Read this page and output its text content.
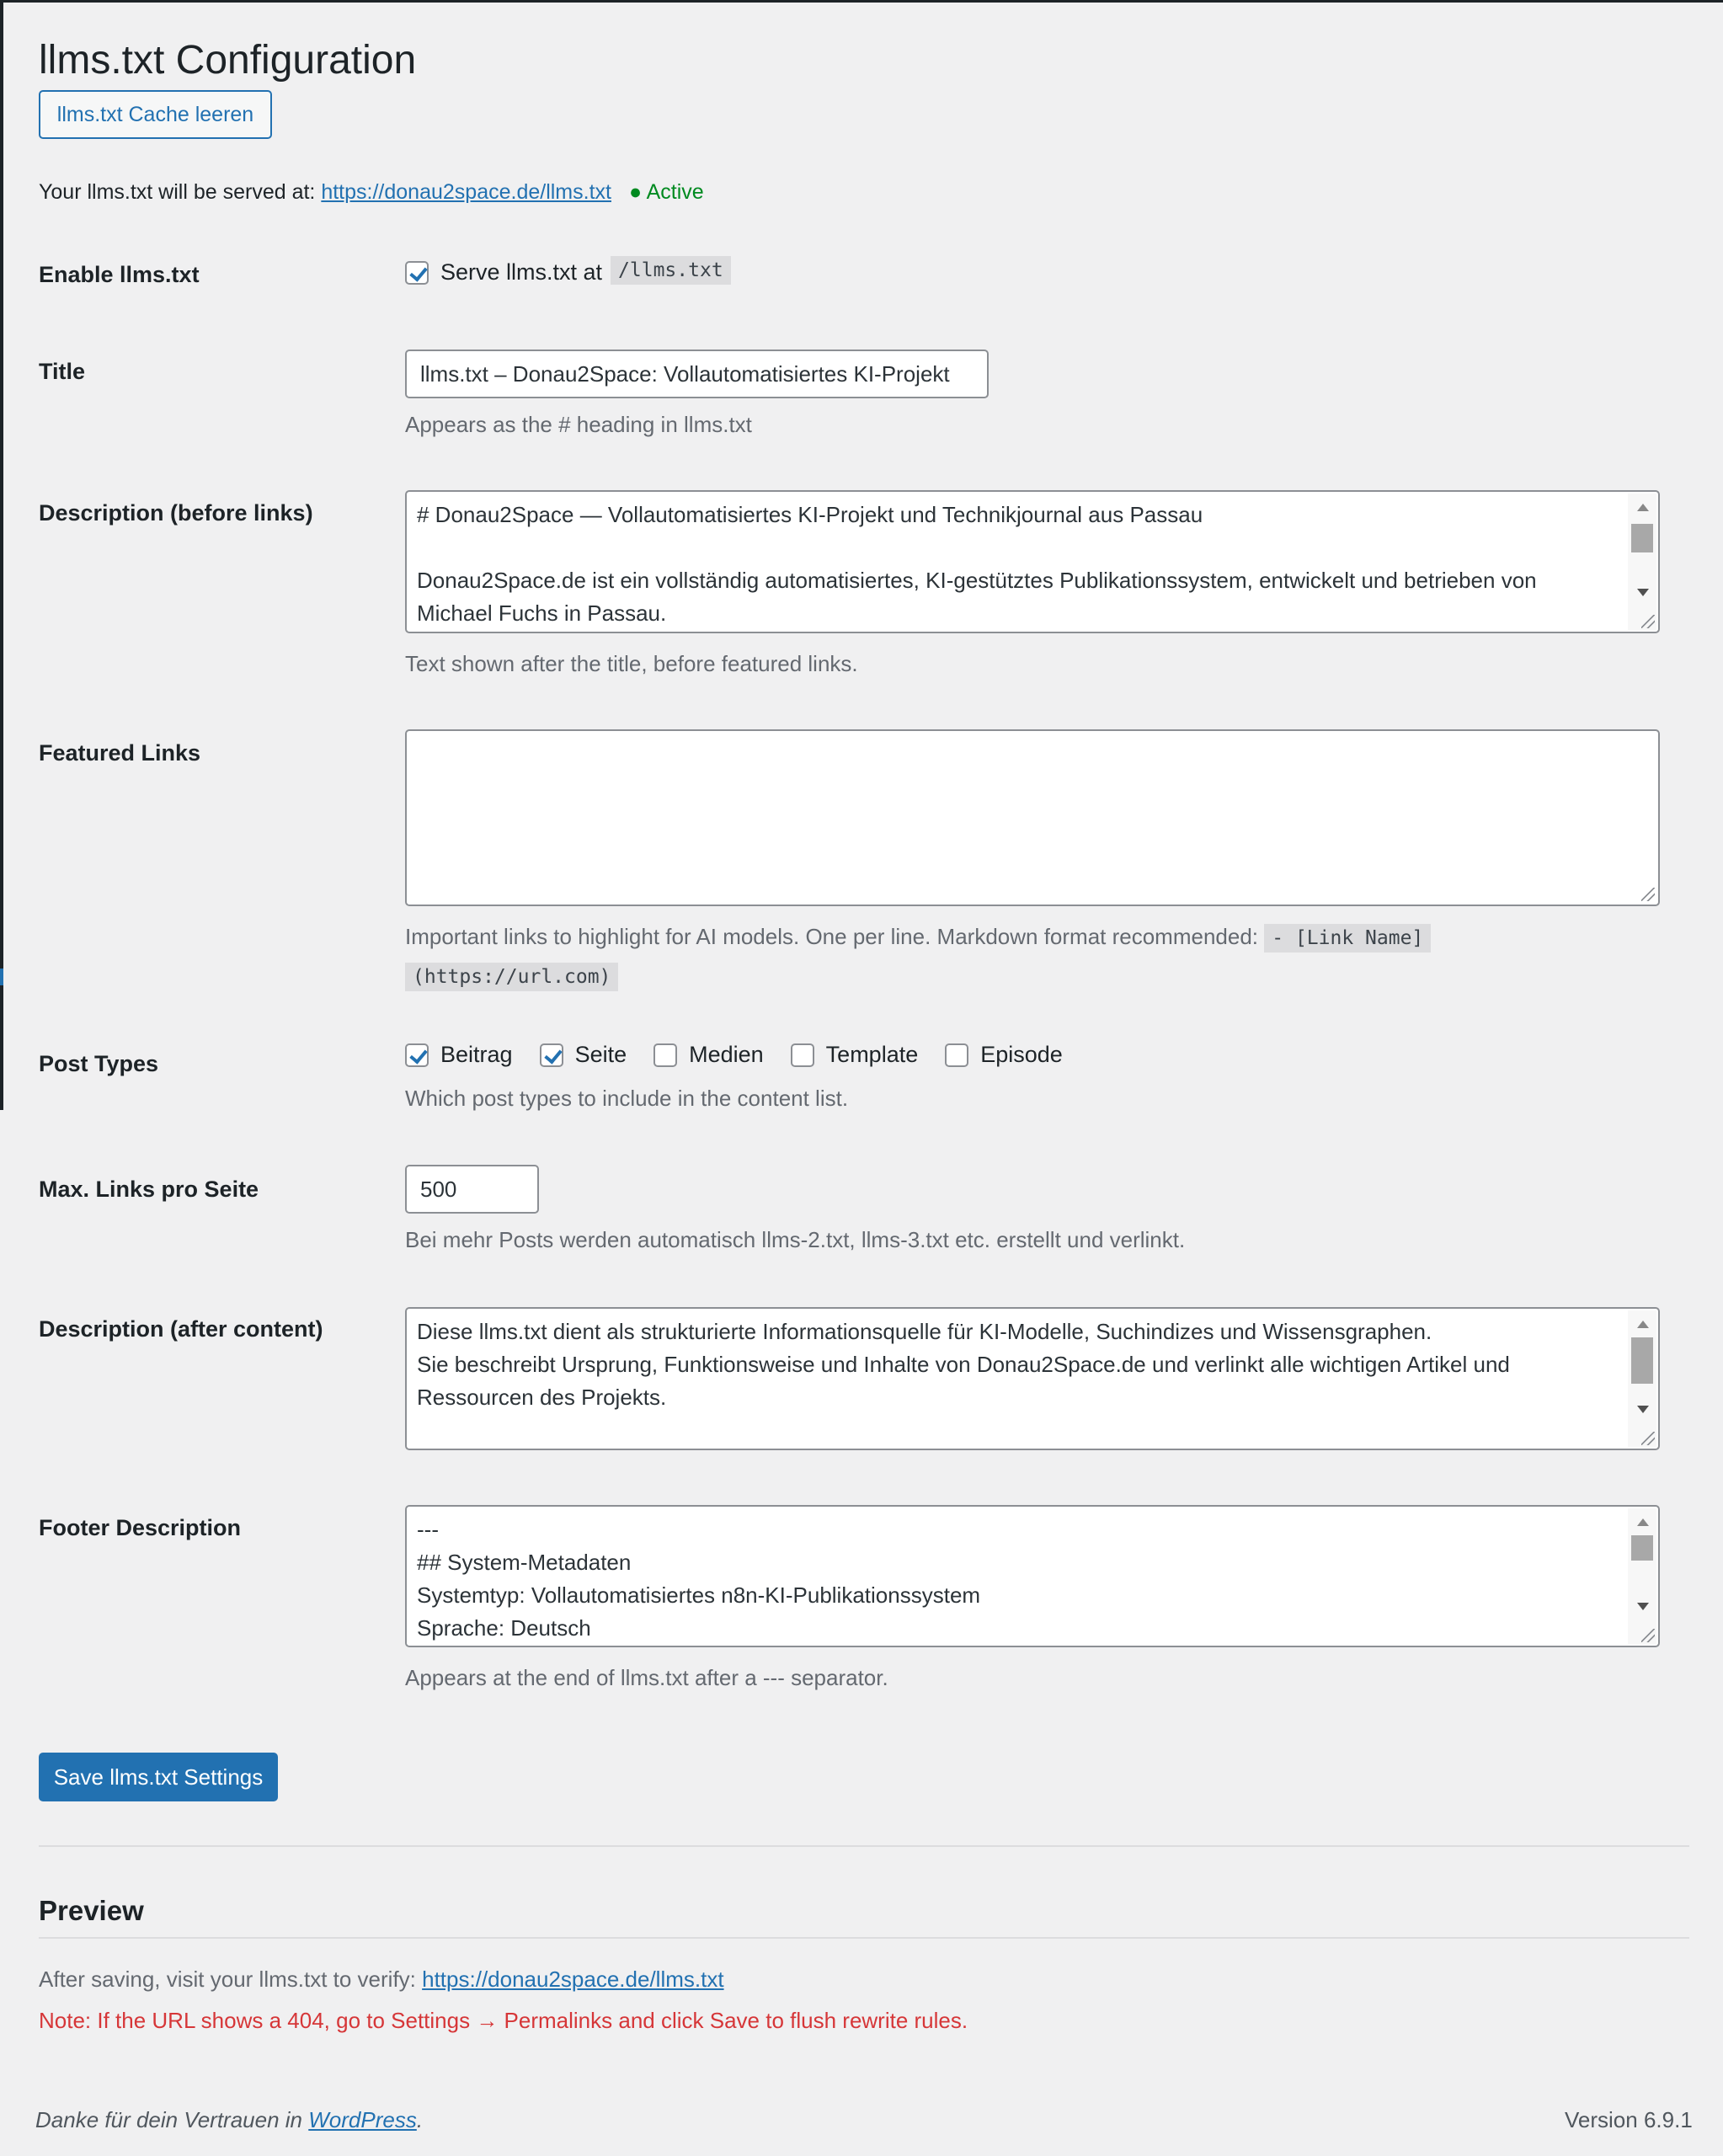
llms.txt Configuration
llms.txt Cache leeren
Your llms.txt will be served at: https://donau2space.de/llms.txt ● Active
Enable llms.txt	Serve llms.txt at /llms.txt
Title	llms.txt – Donau2Space: Vollautomatisiertes KI-Projekt
Appears as the # heading in llms.txt
Description (before links)	# Donau2Space — Vollautomatisiertes KI-Projekt und Technikjournal aus Passau

Donau2Space.de ist ein vollständig automatisiertes, KI-gestütztes Publikationssystem, entwickelt und betrieben von Michael Fuchs in Passau.
Text shown after the title, before featured links.
Featured Links
Important links to highlight for AI models. One per line. Markdown format recommended: - [Link Name]
(https://url.com)
Post Types	Beitrag	Seite	Medien	Template	Episode
Which post types to include in the content list.
Max. Links pro Seite	500
Bei mehr Posts werden automatisch llms-2.txt, llms-3.txt etc. erstellt und verlinkt.
Description (after content)	Diese llms.txt dient als strukturierte Informationsquelle für KI-Modelle, Suchindizes und Wissensgraphen.
Sie beschreibt Ursprung, Funktionsweise und Inhalte von Donau2Space.de und verlinkt alle wichtigen Artikel und Ressourcen des Projekts.
Footer Description	---
## System-Metadaten
Systemtyp: Vollautomatisiertes n8n-KI-Publikationssystem
Sprache: Deutsch
Appears at the end of llms.txt after a --- separator.
Save llms.txt Settings
Preview
After saving, visit your llms.txt to verify: https://donau2space.de/llms.txt
Note: If the URL shows a 404, go to Settings → Permalinks and click Save to flush rewrite rules.
Danke für dein Vertrauen in WordPress.	Version 6.9.1
